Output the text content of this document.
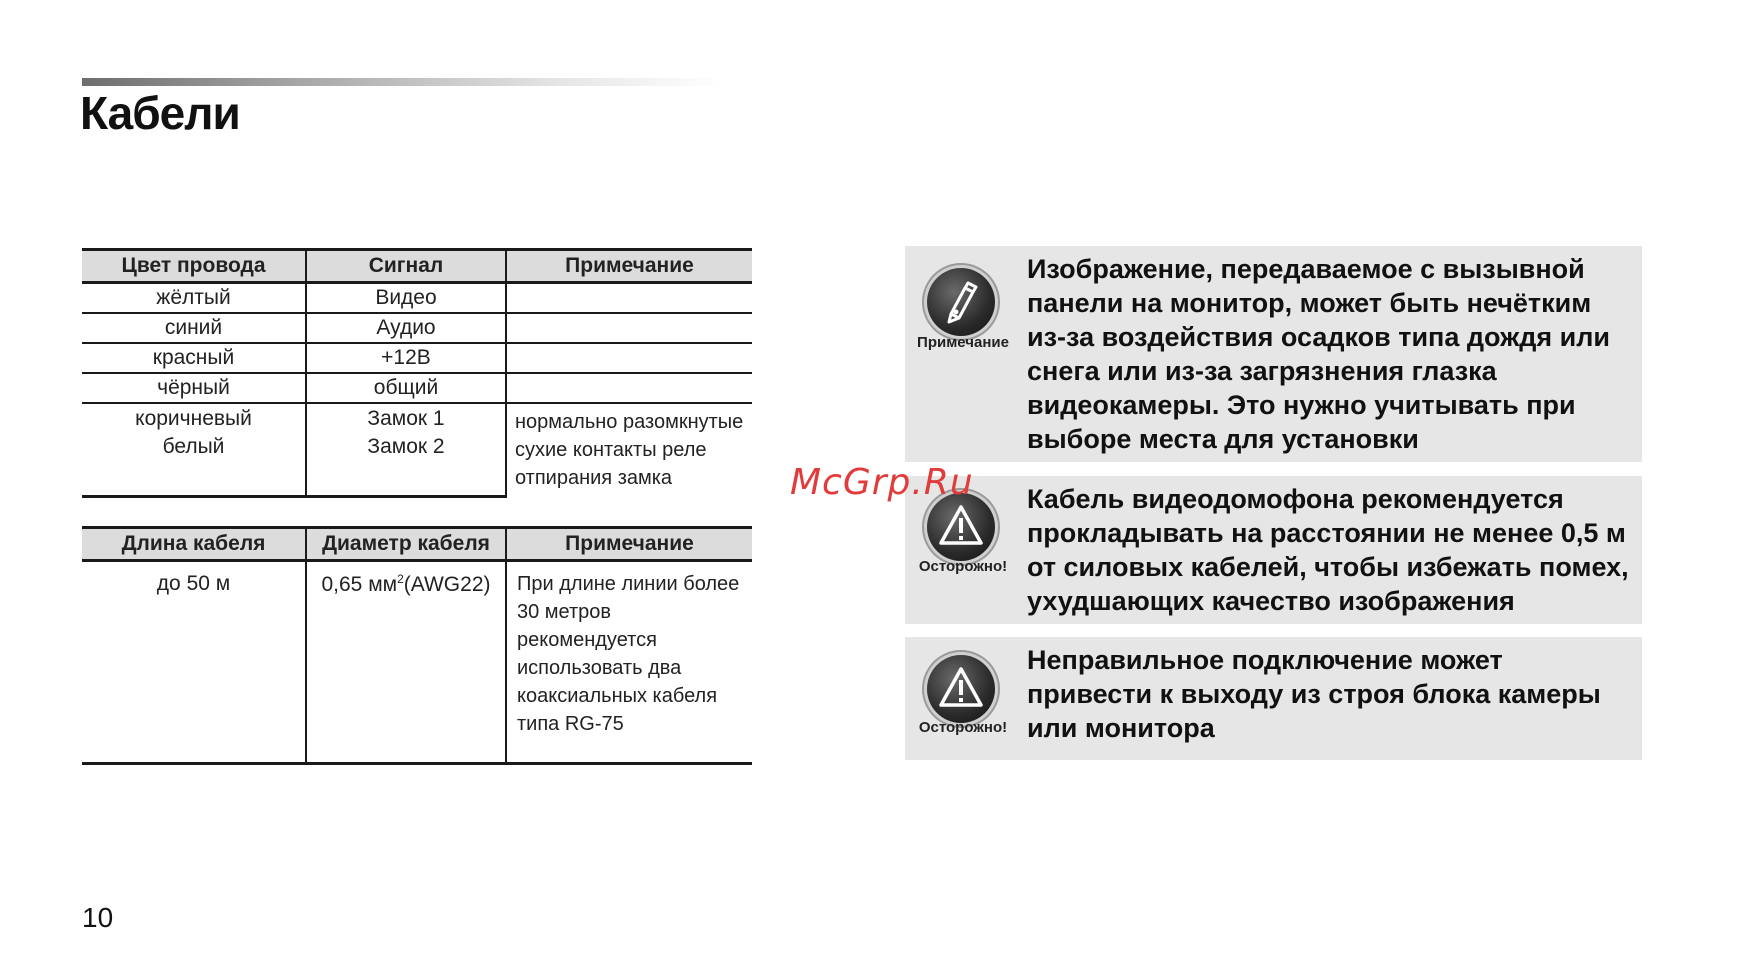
Кабели
Цвет провода	Сигнал	Примечание
жёлтый	Видео	
синий	Аудио	
красный	+12В	
чёрный	общий	
коричневый	Замок 1	нормально разомкнутые сухие контакты реле отпирания замка
белый	Замок 2	
Длина кабеля	Диаметр кабеля	Примечание
до 50 м	0,65 $мм^2(AWG22)$	При длине линии более 30 метров рекомендуется использовать два коаксиальных кабеля типа RG-75
Примечание

Изображение, передаваемое с вызывной панели на монитор, может быть нечётким из-за воздействия осадков типа дождя или снега или из-за загрязнения глазка видеокамеры. Это нужно учитывать при выборе места для установки

Осторожно!

Кабель видеодомофона рекомендуется прокладывать на расстоянии не менее 0,5 м от силовых кабелей, чтобы избежать помех, ухудшающих качество изображения

Осторожно!

Неправильное подключение может привести к выходу из строя блока камеры или монитора

McGrp.Ru
10
